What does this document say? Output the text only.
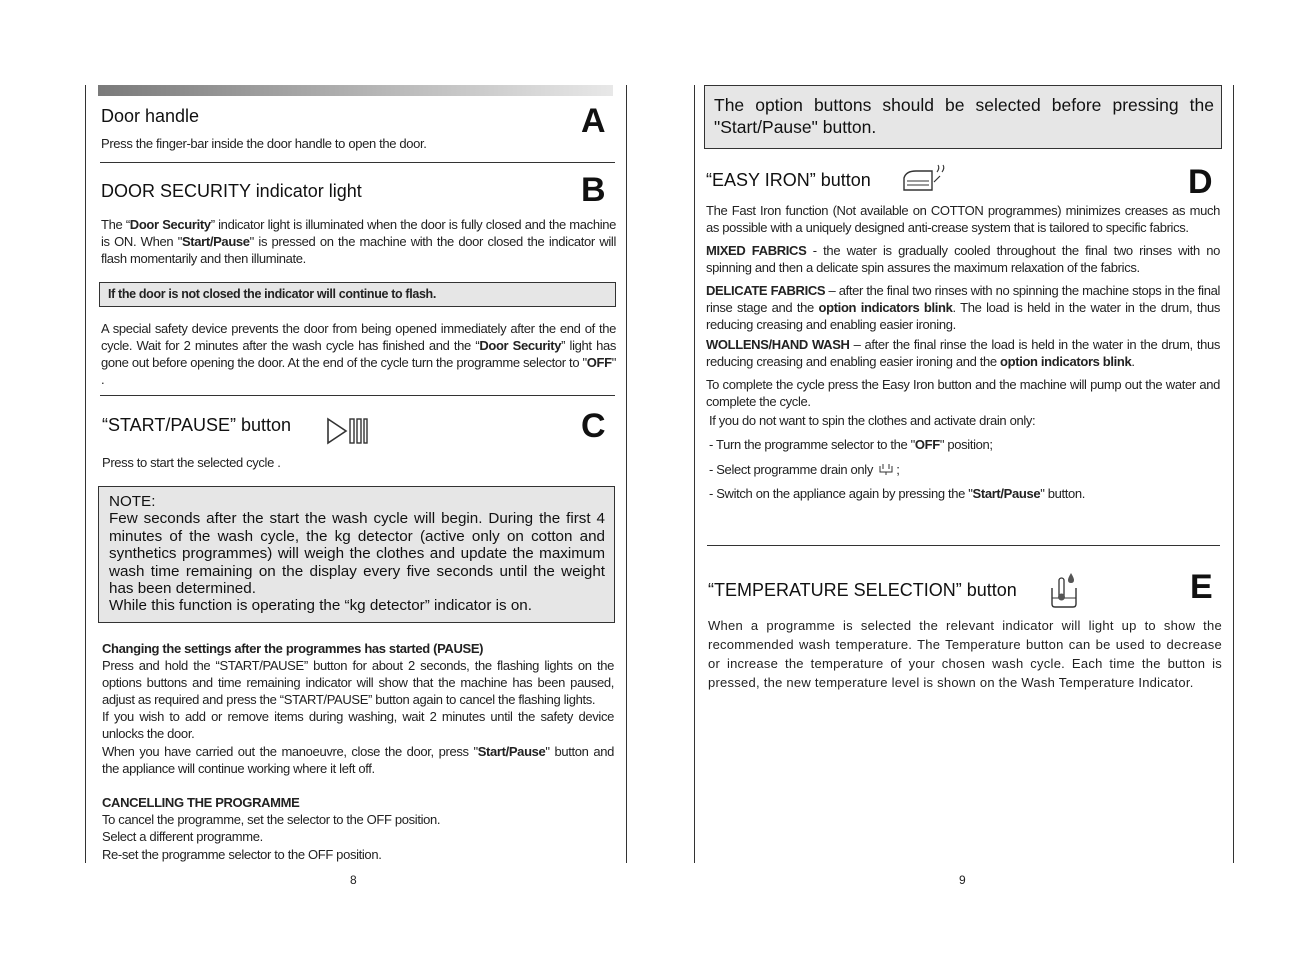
Door handle	A
Press the finger-bar inside the door handle to open the door.
DOOR SECURITY indicator light	B
The “Door Security” indicator light is illuminated when the door is fully closed and the machine is ON. When "Start/Pause" is pressed on the machine with the door closed the indicator will flash momentarily and then illuminate.
If the door is not closed the indicator will continue to flash.
A special safety device prevents the door from being opened immediately after the end of the cycle. Wait for 2 minutes after the wash cycle has finished and the “Door Security” light has gone out before opening the door. At the end of the cycle turn the programme selector to "OFF" .
“START/PAUSE” button	C
Press to start the selected cycle .
NOTE:
Few seconds after the start the wash cycle will begin. During the first 4 minutes of the wash cycle, the kg detector (active only on cotton and synthetics programmes) will weigh the clothes and update the maximum wash time remaining on the display every five seconds until the weight has been determined.
While this function is operating the “kg detector” indicator is on.
Changing the settings after the programmes has started (PAUSE)
Press and hold the “START/PAUSE” button for about 2 seconds, the flashing lights on the options buttons and time remaining indicator will show that the machine has been paused, adjust as required and press the “START/PAUSE” button again to cancel the flashing lights.
If you wish to add or remove items during washing, wait 2 minutes until the safety device unlocks the door.
When you have carried out the manoeuvre, close the door, press "Start/Pause" button and the appliance will continue working where it left off.
CANCELLING THE PROGRAMME
To cancel the programme, set the selector to the OFF position.
Select a different programme.
Re-set the programme selector to the OFF position.
8
The option buttons should be selected before pressing the "Start/Pause" button.
“EASY IRON” button	D
The Fast Iron function (Not available on COTTON programmes) minimizes creases as much as possible with a uniquely designed anti-crease system that is tailored to specific fabrics.
MIXED FABRICS - the water is gradually cooled throughout the final two rinses with no spinning and then a delicate spin assures the maximum relaxation of the fabrics.
DELICATE FABRICS – after the final two rinses with no spinning the machine stops in the final rinse stage and the option indicators blink. The load is held in the water in the drum, thus reducing creasing and enabling easier ironing.
WOLLENS/HAND WASH – after the final rinse the load is held in the water in the drum, thus reducing creasing and enabling easier ironing and the option indicators blink.
To complete the cycle press the Easy Iron button and the machine will pump out the water and complete the cycle.
If you do not want to spin the clothes and activate drain only:
- Turn the programme selector to the "OFF" position;
- Select programme drain only ;
- Switch on the appliance again by pressing the "Start/Pause" button.
“TEMPERATURE SELECTION” button	E
When a programme is selected the relevant indicator will light up to show the recommended wash temperature. The Temperature button can be used to decrease or increase the temperature of your chosen wash cycle. Each time the button is pressed, the new temperature level is shown on the Wash Temperature Indicator.
9
